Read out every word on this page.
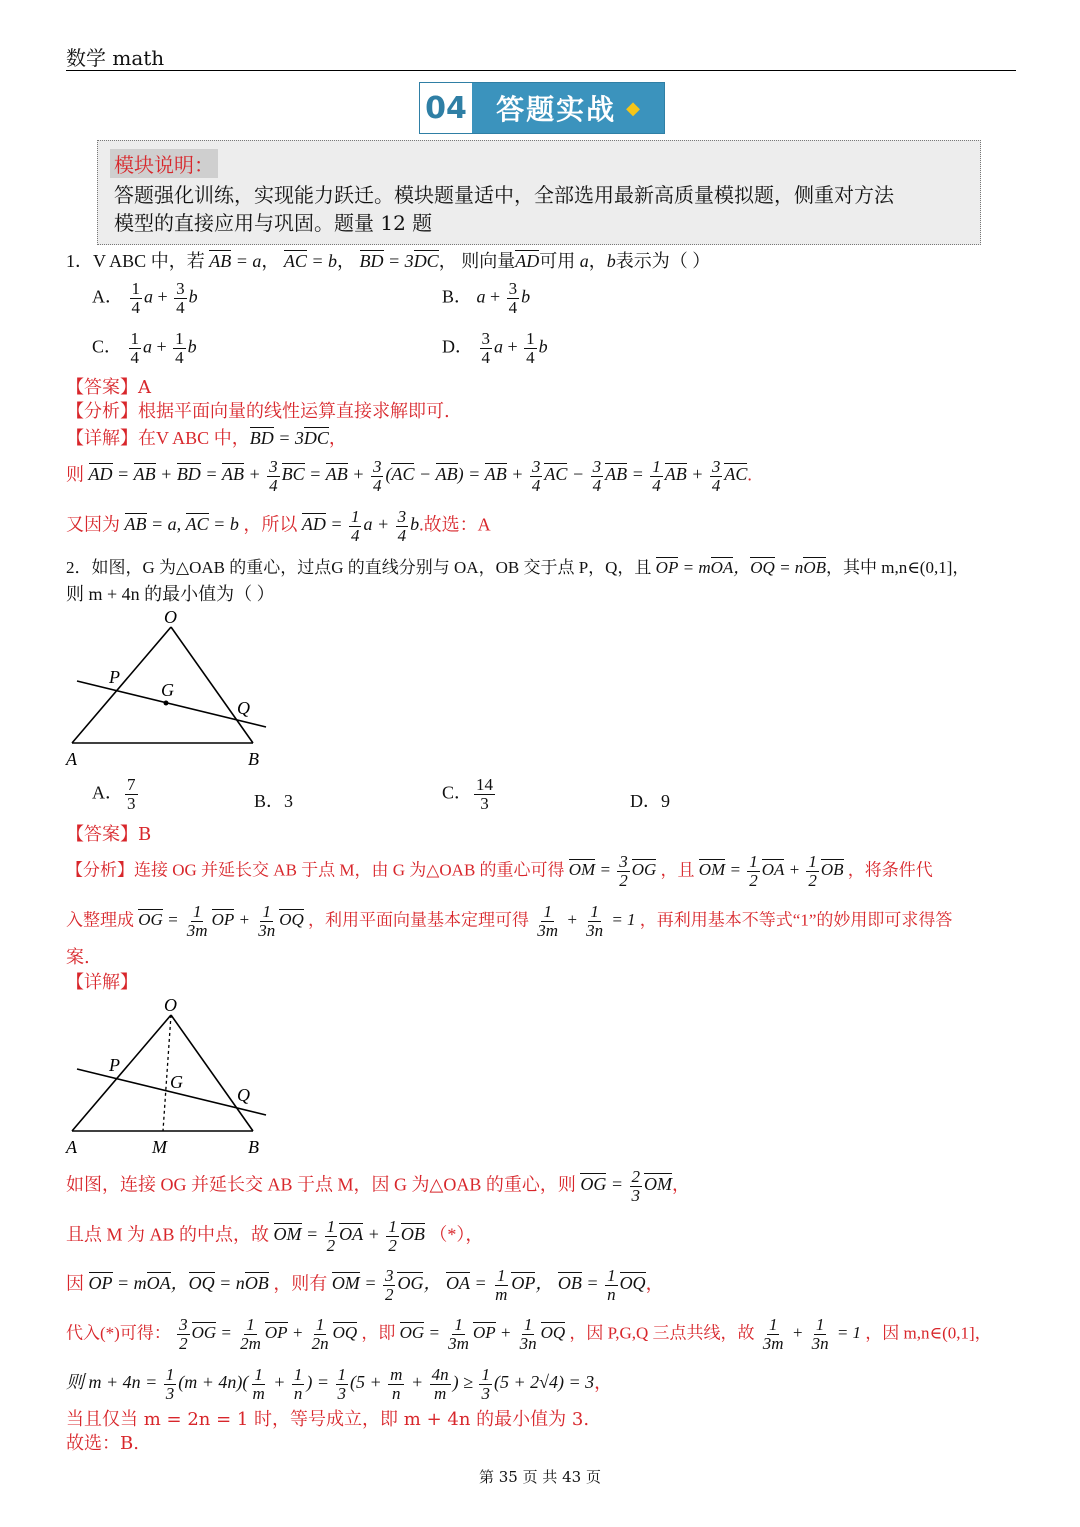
数学 math
04 答题实战 ◆
模块说明：
答题强化训练，实现能力跃迁。模块题量适中，全部选用最新高质量模拟题，侧重对方法
模型的直接应用与巩固。题量 12 题
1．V ABC 中，若 AB = a， AC = b， BD = 3DC， 则向量AD可用 a，b表示为（ ）
A． $\frac{1}{4}$ $a + \frac{3}{4}$ b	B． $a + \frac{3}{4}$ b
C． $\frac{1}{4}$ $a + \frac{1}{4}$ b	D． $\frac{3}{4}$ $a + \frac{1}{4}$ b
【答案】A
【分析】根据平面向量的线性运算直接求解即可.
【详解】在V ABC 中，BD = 3DC，
则 AD = AB + BD = AB + $\frac{3}{4}$ BC = AB + $\frac{3}{4} (AC - AB)$ = AB + $\frac{3}{4}$ AC − $\frac{3}{4}$ AB = $\frac{1}{4}$ AB + $\frac{3}{4}$ AC.
又因为 AB = a, AC = b ，所以 AD = $\frac{1}{4}$ $a + \frac{3}{4} b$.故选：A
2．如图，G 为△OAB 的重心，过点G 的直线分别与 OA，OB 交于点 P，Q，且 OP = mOA，OQ = nOB，其中 m,n∈(0,1]，
则 m + 4n 的最小值为（ ）
O
P
G
Q
A	B
A． $\frac{7}{3}$	B．3	C． $\frac{14}{3}$	D．9
【答案】B
【分析】连接 OG 并延长交 AB 于点 M，由 G 为△OAB 的重心可得 OM = $\frac{3}{2}$ OG ，且 OM = $\frac{1}{2}$ OA + $\frac{1}{2}$ OB ，将条件代
入整理成 OG = $\frac{1}{3m}$ OP + $\frac{1}{3n}$ OQ ，利用平面向量基本定理可得 $\frac{1}{3m} + \frac{1}{3n} = 1$ ，再利用基本不等式“1”的妙用即可求得答
案.
【详解】
O
P
G
Q
A	M	B
如图，连接 OG 并延长交 AB 于点 M，因 G 为△OAB 的重心，则 OG = $\frac{2}{3}$ OM，
且点 M 为 AB 的中点，故 OM = $\frac{1}{2}$ OA + $\frac{1}{2}$ OB （*），
因 OP = mOA，OQ = nOB ，则有 OM = $\frac{3}{2}$ OG， OA = $\frac{1}{m}$ OP， OB = $\frac{1}{n}$ OQ，
代入(*)可得： $\frac{3}{2}$ OG = $\frac{1}{2m}$ OP + $\frac{1}{2n}$ OQ ，即 OG = $\frac{1}{3m}$ OP + $\frac{1}{3n}$ OQ ，因 P,G,Q 三点共线，故 $\frac{1}{3m} + \frac{1}{3n} = 1$ ，因 m,n∈(0,1]，
则 $m + 4n = \frac{1}{3} (m + 4n)( \frac{1}{m} + \frac{1}{n}$ ) = $\frac{1}{3} (5 + \frac{m}{n} + \frac{4n}{m}$ ) ≥ $\frac{1}{3} (5 + 2√4) = 3$，
当且仅当 m = 2n = 1 时，等号成立，即 m + 4n 的最小值为 3.
故选：B.
第 35 页 共 43 页
